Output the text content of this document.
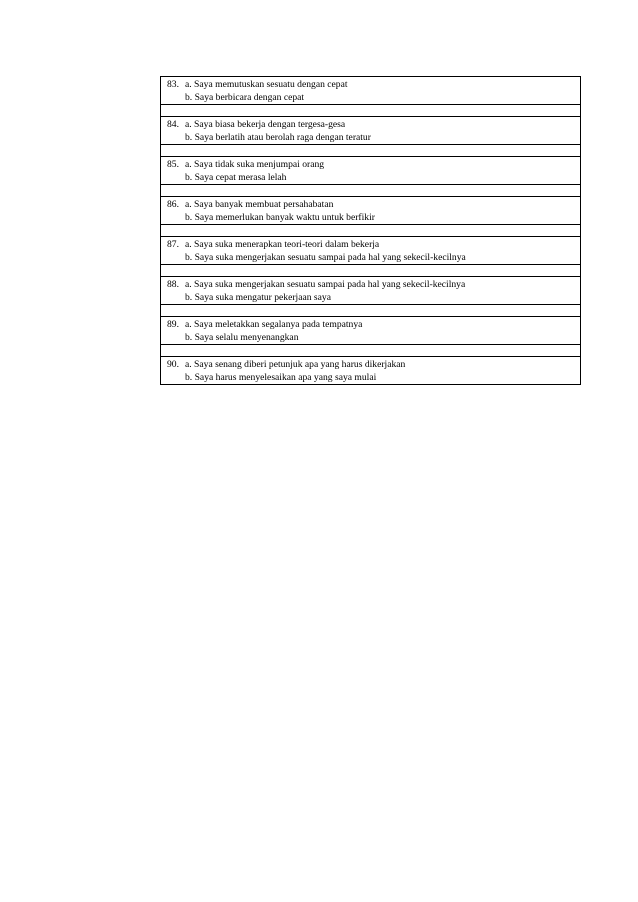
83. a. Saya memutuskan sesuatu dengan cepat
b. Saya berbicara dengan cepat

84. a. Saya biasa bekerja dengan tergesa-gesa
b. Saya berlatih atau berolah raga dengan teratur

85. a. Saya tidak suka menjumpai orang
b. Saya cepat merasa lelah

86. a. Saya banyak membuat persahabatan
b. Saya memerlukan banyak waktu untuk berfikir

87. a. Saya suka menerapkan teori-teori dalam bekerja
b. Saya suka mengerjakan sesuatu sampai pada hal yang sekecil-kecilnya

88. a. Saya suka mengerjakan sesuatu sampai pada hal yang sekecil-kecilnya
b. Saya suka mengatur pekerjaan saya

89. a. Saya meletakkan segalanya pada tempatnya
b. Saya selalu menyenangkan

90. a. Saya senang diberi petunjuk apa yang harus dikerjakan
b. Saya harus menyelesaikan apa yang saya mulai
